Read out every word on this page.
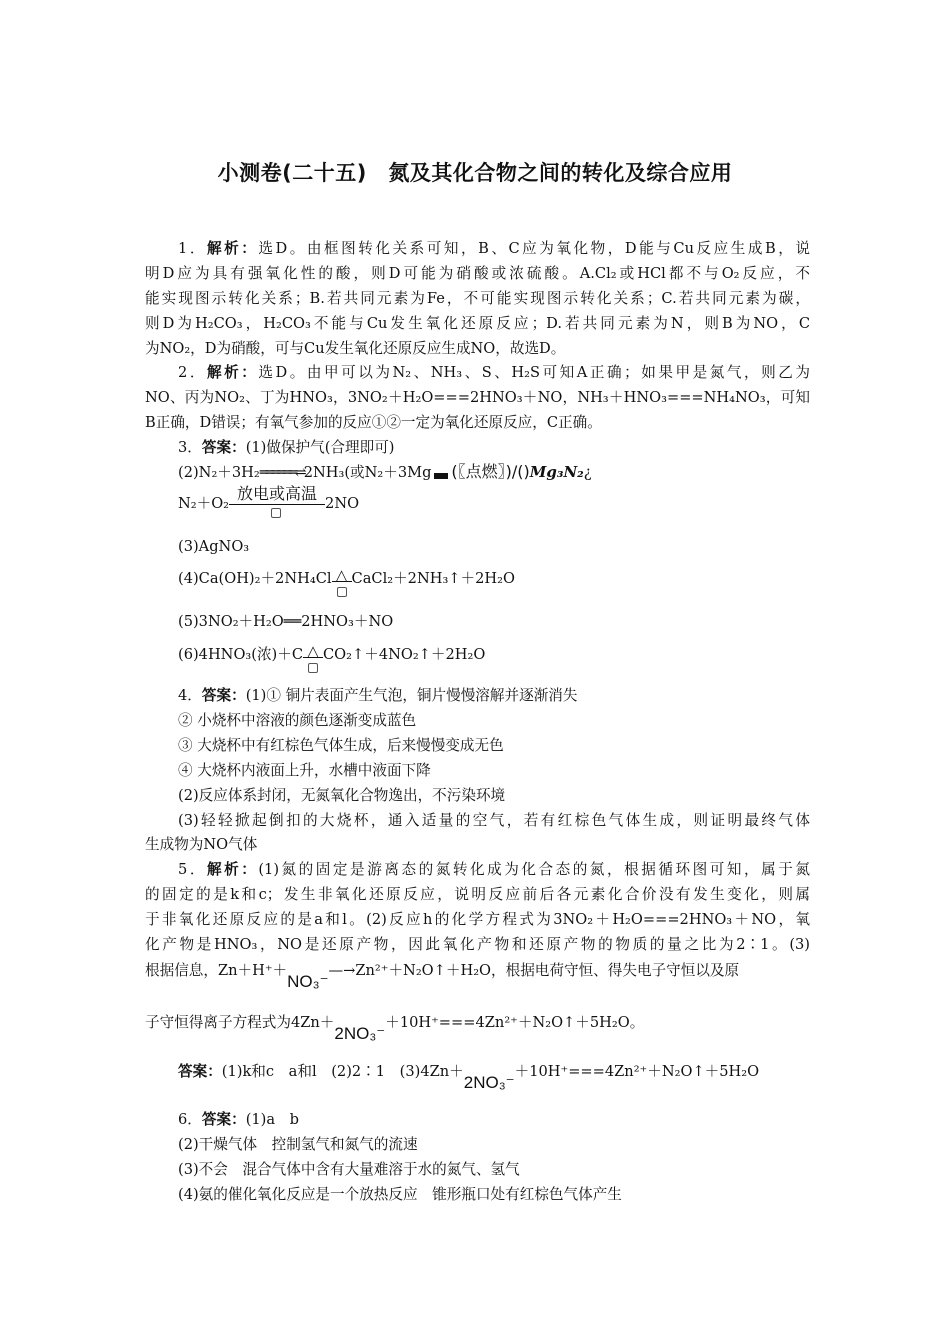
小测卷(二十五)　氮及其化合物之间的转化及综合应用
1．解析：选D。由框图转化关系可知，B、C应为氧化物，D能与Cu反应生成B，说
明D应为具有强氧化性的酸，则D可能为硝酸或浓硫酸。A.Cl₂或HCl都不与O₂反应，不
能实现图示转化关系；B.若共同元素为Fe，不可能实现图示转化关系；C.若共同元素为碳，
则D为H₂CO₃，H₂CO₃不能与Cu发生氧化还原反应；D.若共同元素为N，则B为NO，C
为NO₂，D为硝酸，可与Cu发生氧化还原反应生成NO，故选D。
2．解析：选D。由甲可以为N₂、NH₃、S、H₂S可知A正确；如果甲是氮气，则乙为
NO、丙为NO₂、丁为HNO₃，3NO₂＋H₂O===2HNO₃＋NO，NH₃＋HNO₃===NH₄NO₃，可知
B正确，D错误；有氧气参加的反应①②一定为氧化还原反应，C正确。
3．答案：(1)做保护气(合理即可)
(2)N₂＋3H₂══════⇌2NH₃(或N₂＋3Mg (〖点燃〗)/()Mg₃N₂¿
N₂＋O₂
放电或高温
2NO
(3)AgNO₃
(4)Ca(OH)₂＋2NH₄Cl △ CaCl₂＋2NH₃↑＋2H₂O
(5)3NO₂＋H₂O══2HNO₃＋NO
(6)4HNO₃(浓)＋C △ CO₂↑＋4NO₂↑＋2H₂O
4．答案：(1)① 铜片表面产生气泡，铜片慢慢溶解并逐渐消失
② 小烧杯中溶液的颜色逐渐变成蓝色
③ 大烧杯中有红棕色气体生成，后来慢慢变成无色
④ 大烧杯内液面上升，水槽中液面下降
(2)反应体系封闭，无氮氧化合物逸出，不污染环境
(3)轻轻掀起倒扣的大烧杯，通入适量的空气，若有红棕色气体生成，则证明最终气体
生成物为NO气体
5．解析：(1)氮的固定是游离态的氮转化成为化合态的氮，根据循环图可知，属于氮
的固定的是k和c；发生非氧化还原反应，说明反应前后各元素化合价没有发生变化，则属
于非氧化还原反应的是a和l。(2)反应h的化学方程式为3NO₂＋H₂O===2HNO₃＋NO，氧
化产物是HNO₃，NO是还原产物，因此氧化产物和还原产物的物质的量之比为2∶1。(3)
根据信息，Zn＋H⁺＋NO₃⁻—→Zn²⁺＋N₂O↑＋H₂O，根据电荷守恒、得失电子守恒以及原
子守恒得离子方程式为4Zn＋2NO₃⁻＋10H⁺===4Zn²⁺＋N₂O↑＋5H₂O。
答案：(1)k和c　a和l　(2)2∶1　(3)4Zn＋2NO₃⁻＋10H⁺===4Zn²⁺＋N₂O↑＋5H₂O
6．答案：(1)a　b
(2)干燥气体　控制氢气和氮气的流速
(3)不会　混合气体中含有大量难溶于水的氮气、氢气
(4)氨的催化氧化反应是一个放热反应　锥形瓶口处有红棕色气体产生
